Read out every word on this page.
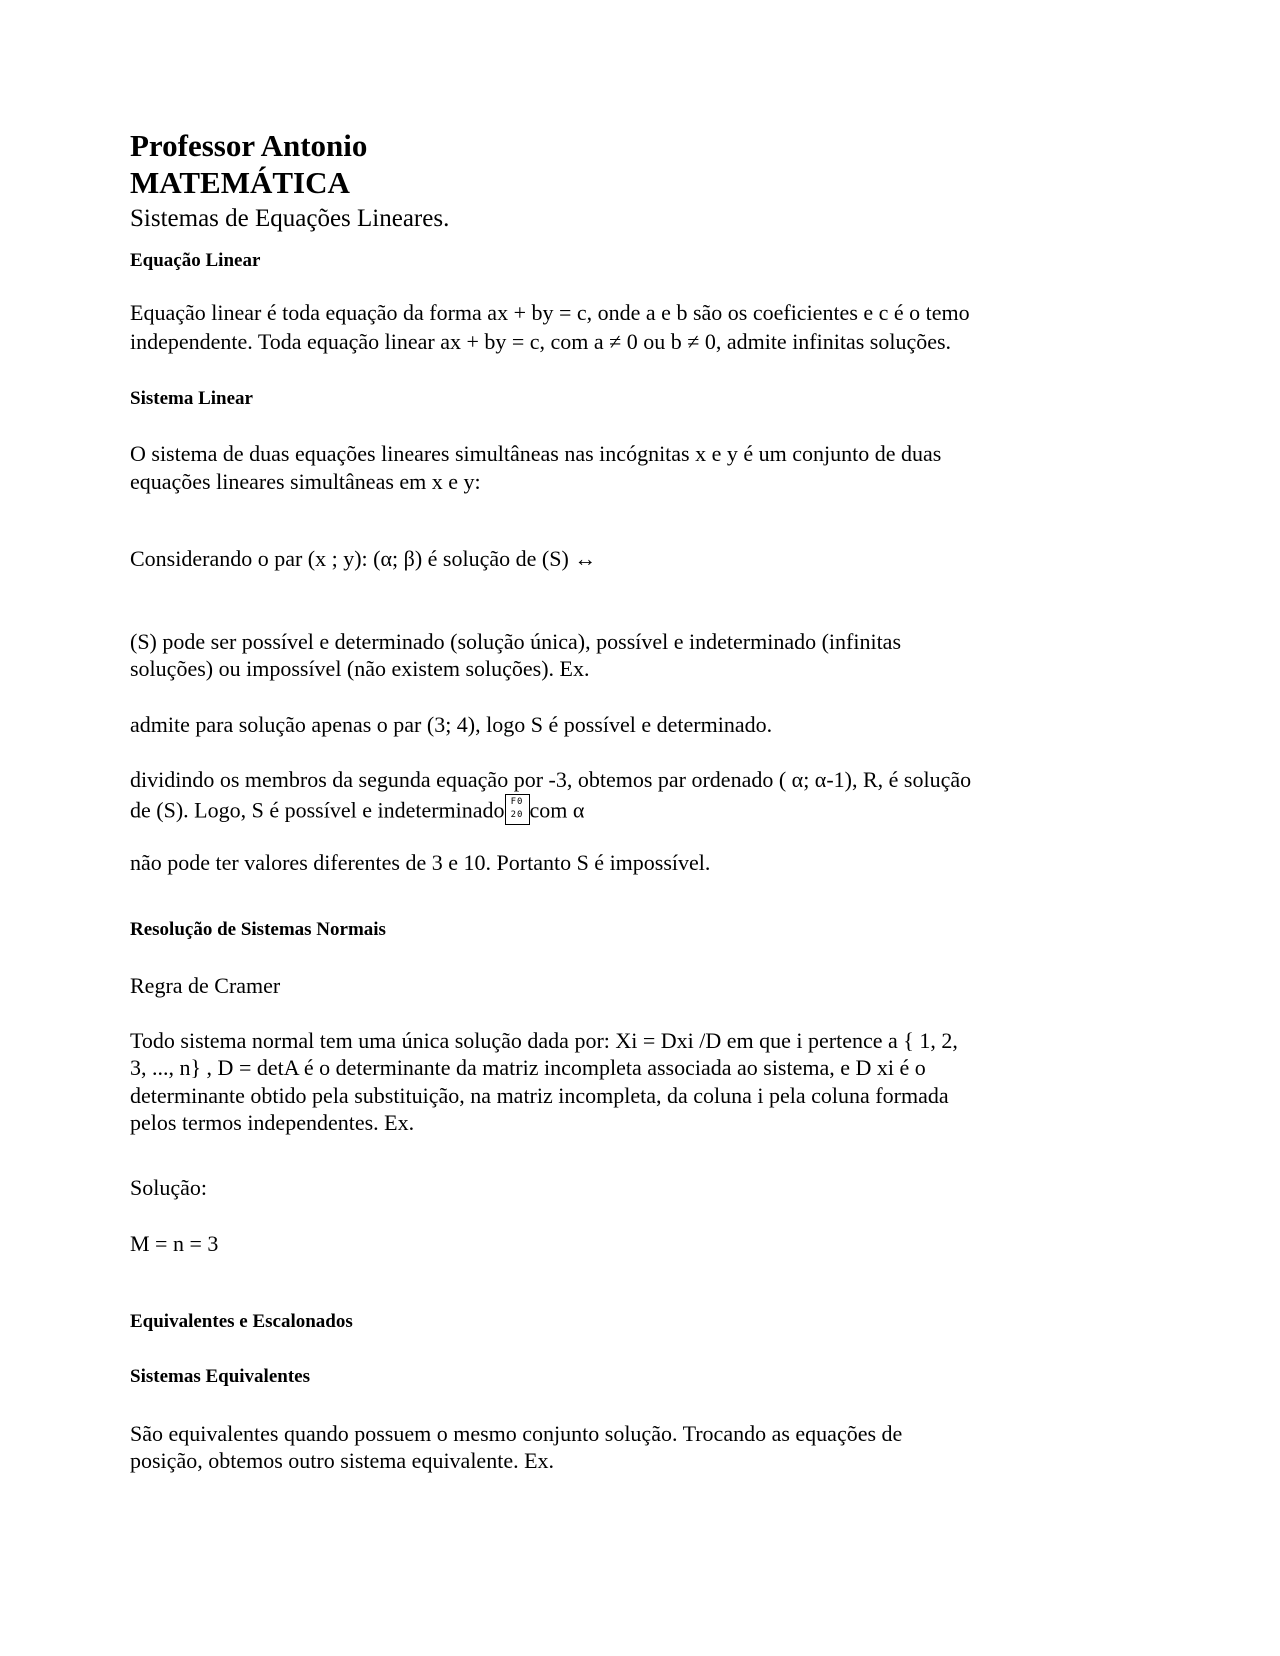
Professor Antonio
MATEMÁTICA
Sistemas de Equações Lineares.
Equação Linear
Equação linear é toda equação da forma ax + by = c, onde a e b são os coeficientes e c é o temo
independente. Toda equação linear ax + by = c, com a ≠ 0 ou b ≠ 0, admite infinitas soluções.
Sistema Linear
O sistema de duas equações lineares simultâneas nas incógnitas x e y é um conjunto de duas
equações lineares simultâneas em x e y:
Considerando o par (x ; y): (α; β) é solução de (S) ↔
(S) pode ser possível e determinado (solução única), possível e indeterminado (infinitas
soluções) ou impossível (não existem soluções). Ex.
admite para solução apenas o par (3; 4), logo S é possível e determinado.
dividindo os membros da segunda equação por -3, obtemos par ordenado ( α; α-1), R, é solução
de (S). Logo, S é possível e indeterminado F0
20 com α
não pode ter valores diferentes de 3 e 10. Portanto S é impossível.
Resolução de Sistemas Normais
Regra de Cramer
Todo sistema normal tem uma única solução dada por: Xi = Dxi /D em que i pertence a { 1, 2,
3, ..., n} , D = detA é o determinante da matriz incompleta associada ao sistema, e D xi é o
determinante obtido pela substituição, na matriz incompleta, da coluna i pela coluna formada
pelos termos independentes. Ex.
Solução:
M = n = 3
Equivalentes e Escalonados
Sistemas Equivalentes
São equivalentes quando possuem o mesmo conjunto solução. Trocando as equações de
posição, obtemos outro sistema equivalente. Ex.
